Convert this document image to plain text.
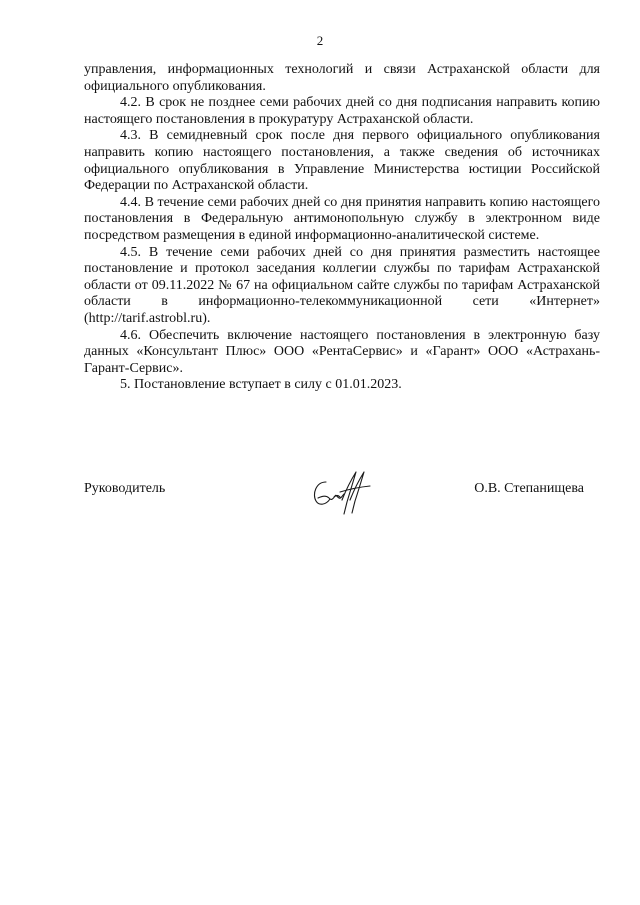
2

управления, информационных технологий и связи Астраханской области для официального опубликования.

4.2. В срок не позднее семи рабочих дней со дня подписания направить копию настоящего постановления в прокуратуру Астраханской области.

4.3. В семидневный срок после дня первого официального опубликования направить копию настоящего постановления, а также сведения об источниках официального опубликования в Управление Министерства юстиции Российской Федерации по Астраханской области.

4.4. В течение семи рабочих дней со дня принятия направить копию настоящего постановления в Федеральную антимонопольную службу в электронном виде посредством размещения в единой информационно-аналитической системе.

4.5. В течение семи рабочих дней со дня принятия разместить настоящее постановление и протокол заседания коллегии службы по тарифам Астраханской области от 09.11.2022 № 67 на официальном сайте службы по тарифам Астраханской области в информационно-телекоммуникационной сети «Интернет» (http://tarif.astrobl.ru).

4.6. Обеспечить включение настоящего постановления в электронную базу данных «Консультант Плюс» ООО «РентаСервис» и «Гарант» ООО «Астрахань-Гарант-Сервис».

5. Постановление вступает в силу с 01.01.2023.

Руководитель	О.В. Степанищева
